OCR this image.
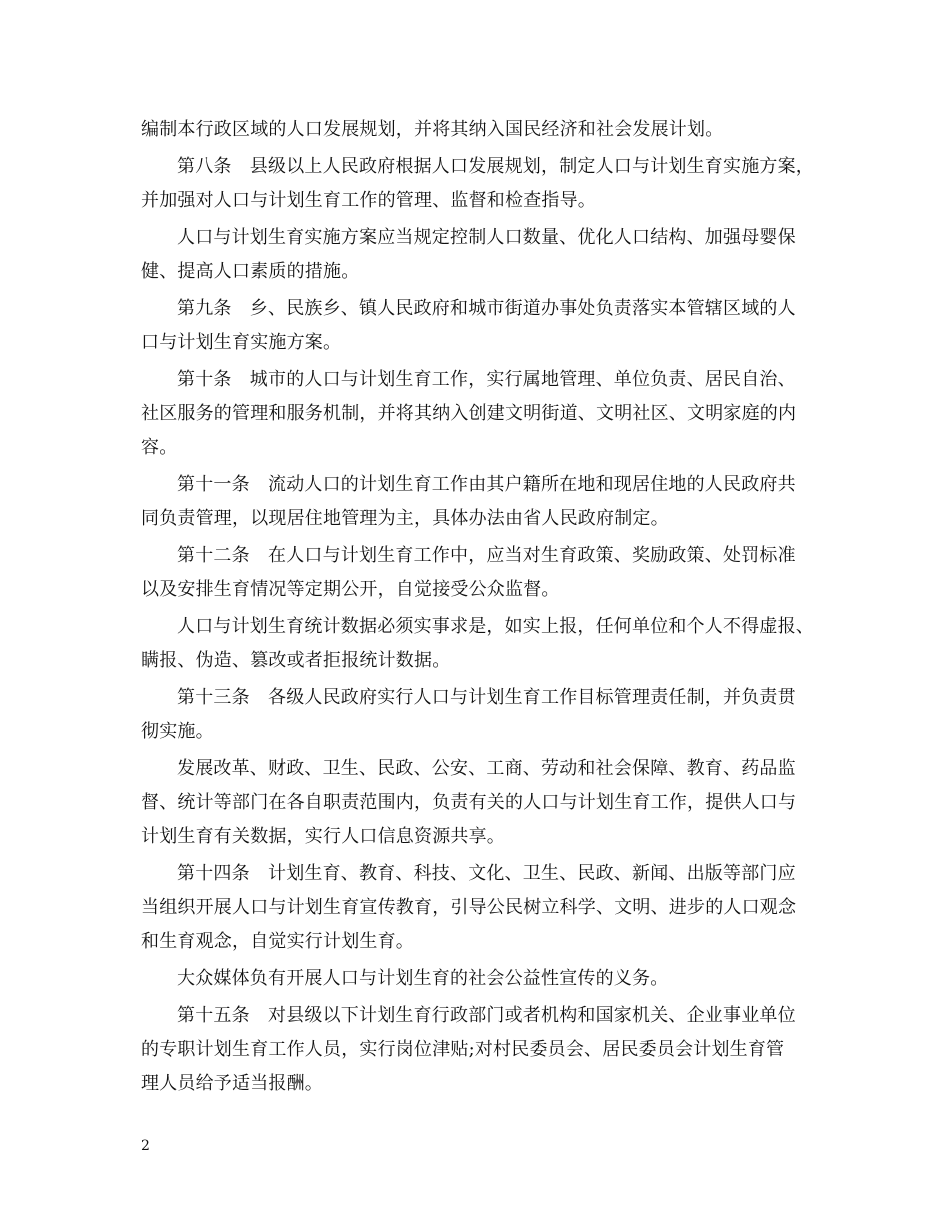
编制本行政区域的人口发展规划，并将其纳入国民经济和社会发展计划。
第八条　县级以上人民政府根据人口发展规划，制定人口与计划生育实施方案，
并加强对人口与计划生育工作的管理、监督和检查指导。
人口与计划生育实施方案应当规定控制人口数量、优化人口结构、加强母婴保
健、提高人口素质的措施。
第九条　乡、民族乡、镇人民政府和城市街道办事处负责落实本管辖区域的人
口与计划生育实施方案。
第十条　城市的人口与计划生育工作，实行属地管理、单位负责、居民自治、
社区服务的管理和服务机制，并将其纳入创建文明街道、文明社区、文明家庭的内
容。
第十一条　流动人口的计划生育工作由其户籍所在地和现居住地的人民政府共
同负责管理，以现居住地管理为主，具体办法由省人民政府制定。
第十二条　在人口与计划生育工作中，应当对生育政策、奖励政策、处罚标准
以及安排生育情况等定期公开，自觉接受公众监督。
人口与计划生育统计数据必须实事求是，如实上报，任何单位和个人不得虚报、
瞒报、伪造、篡改或者拒报统计数据。
第十三条　各级人民政府实行人口与计划生育工作目标管理责任制，并负责贯
彻实施。
发展改革、财政、卫生、民政、公安、工商、劳动和社会保障、教育、药品监
督、统计等部门在各自职责范围内，负责有关的人口与计划生育工作，提供人口与
计划生育有关数据，实行人口信息资源共享。
第十四条　计划生育、教育、科技、文化、卫生、民政、新闻、出版等部门应
当组织开展人口与计划生育宣传教育，引导公民树立科学、文明、进步的人口观念
和生育观念，自觉实行计划生育。
大众媒体负有开展人口与计划生育的社会公益性宣传的义务。
第十五条　对县级以下计划生育行政部门或者机构和国家机关、企业事业单位
的专职计划生育工作人员，实行岗位津贴;对村民委员会、居民委员会计划生育管
理人员给予适当报酬。
2
